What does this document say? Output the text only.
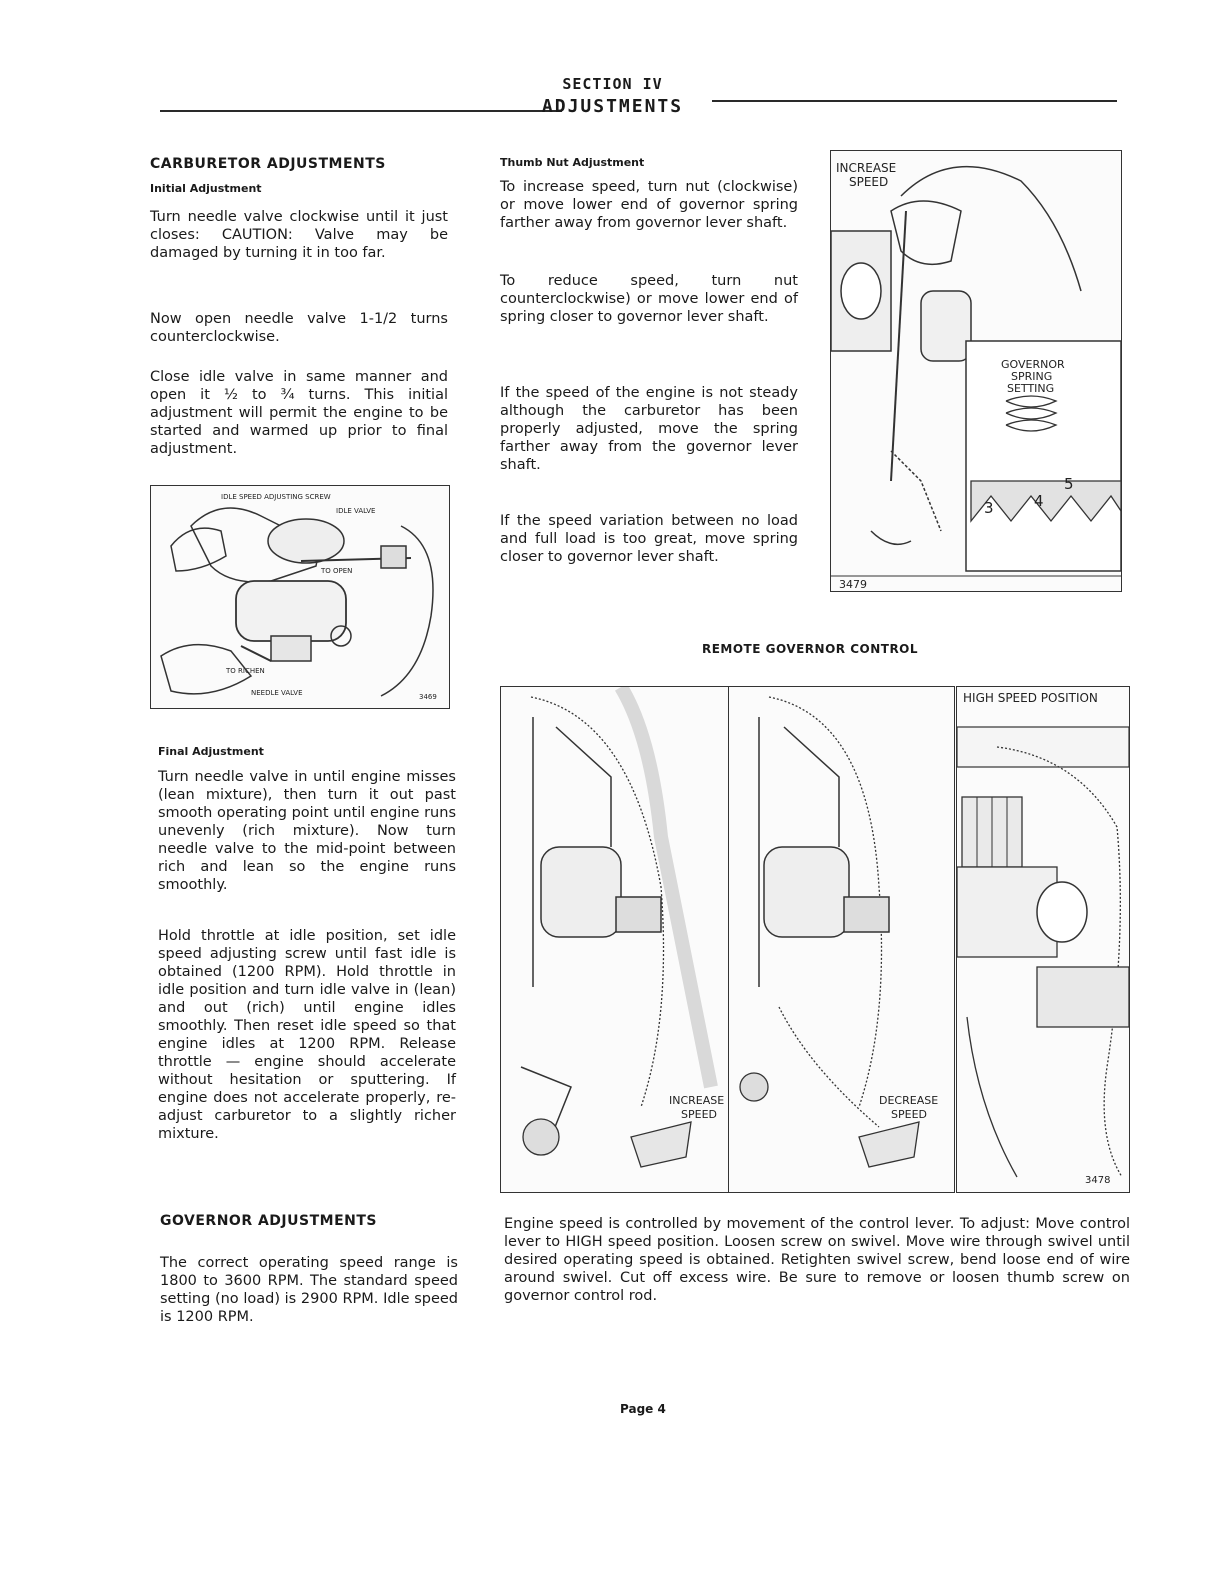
SECTION IV
ADJUSTMENTS
CARBURETOR ADJUSTMENTS
Initial Adjustment
Turn needle valve clockwise until it just closes: CAUTION: Valve may be damaged by turning it in too far.
Now open needle valve 1-1/2 turns counterclockwise.
Close idle valve in same manner and open it ½ to ¾ turns. This initial adjustment will permit the engine to be started and warmed up prior to final adjustment.
IDLE SPEED ADJUSTING SCREW
IDLE VALVE
TO OPEN
TO RICHEN
NEEDLE VALVE	3469
Final Adjustment
Turn needle valve in until engine misses (lean mixture), then turn it out past smooth operating point until engine runs unevenly (rich mixture). Now turn needle valve to the mid-point between rich and lean so the engine runs smoothly.
Hold throttle at idle position, set idle speed adjusting screw until fast idle is obtained (1200 RPM). Hold throttle in idle position and turn idle valve in (lean) and out (rich) until engine idles smoothly. Then reset idle speed so that engine idles at 1200 RPM. Release throttle — engine should accelerate without hesitation or sputtering. If engine does not accelerate properly, re-adjust carburetor to a slightly richer mixture.
GOVERNOR ADJUSTMENTS
The correct operating speed range is 1800 to 3600 RPM. The standard speed setting (no load) is 2900 RPM. Idle speed is 1200 RPM.
Thumb Nut Adjustment
To increase speed, turn nut (clockwise) or move lower end of governor spring farther away from governor lever shaft.
To reduce speed, turn nut counterclockwise) or move lower end of spring closer to governor lever shaft.
If the speed of the engine is not steady although the carburetor has been properly adjusted, move the spring farther away from the governor lever shaft.
If the speed variation between no load and full load is too great, move spring closer to governor lever shaft.
INCREASE
SPEED
GOVERNOR
SPRING
SETTING
3	4
5
3479
REMOTE GOVERNOR CONTROL
INCREASE
SPEED
DECREASE
SPEED
HIGH SPEED POSITION
3478
Engine speed is controlled by movement of the control lever. To adjust: Move control lever to HIGH speed position. Loosen screw on swivel. Move wire through swivel until desired operating speed is obtained. Retighten swivel screw, bend loose end of wire around swivel. Cut off excess wire. Be sure to remove or loosen thumb screw on governor control rod.
Page 4
